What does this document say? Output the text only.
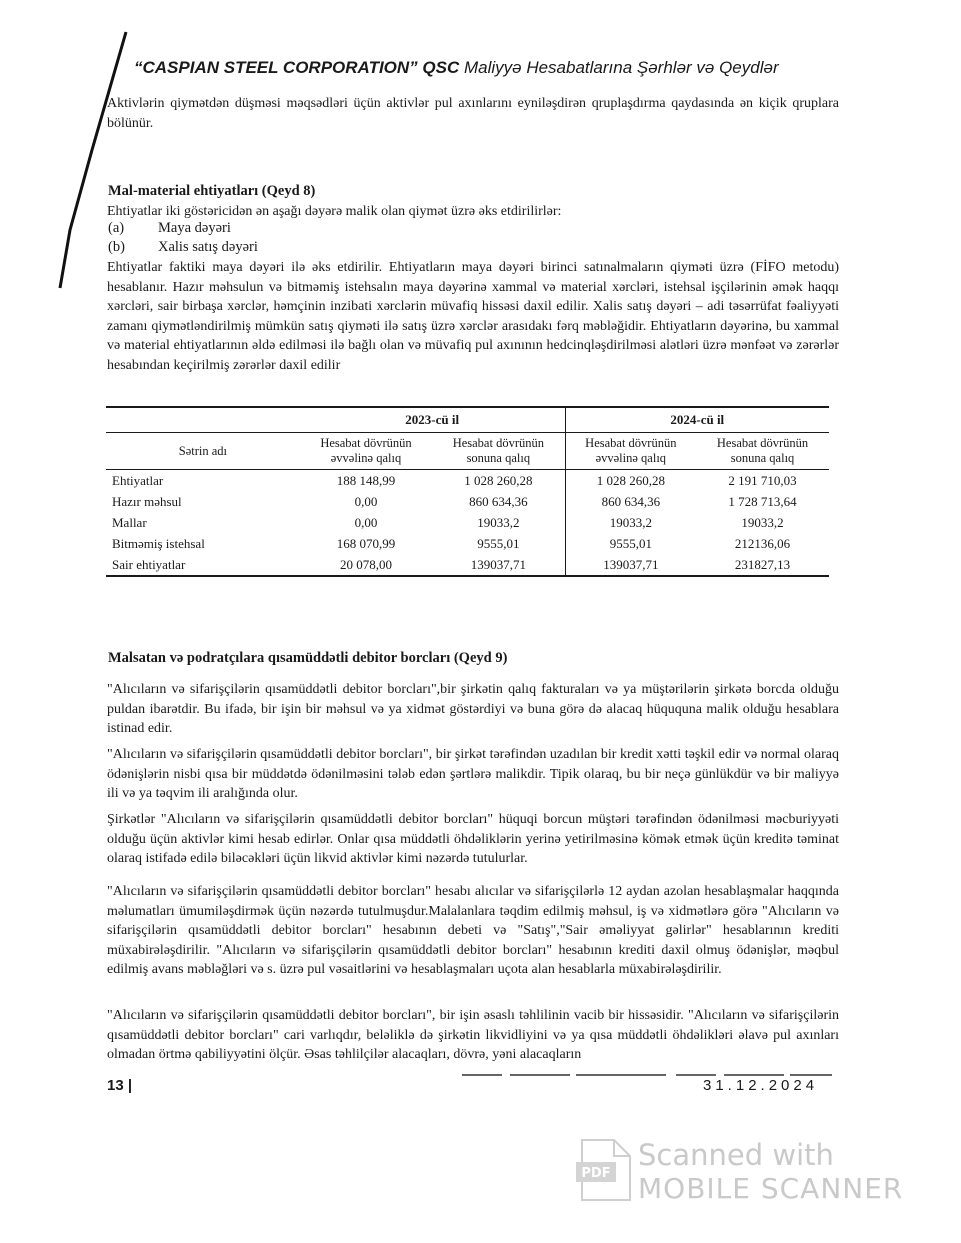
“CASPIAN STEEL CORPORATION” QSC Maliyyə Hesabatlarına Şərhlər və Qeydlər

Aktivlərin qiymətdən düşməsi məqsədləri üçün aktivlər pul axınlarını eyniləşdirən qruplaşdırma qaydasında ən kiçik qruplara bölünür.

Mal-material ehtiyatları (Qeyd 8)

Ehtiyatlar iki göstəricidən ən aşağı dəyərə malik olan qiymət üzrə əks etdirilirlər:

(a) Maya dəyəri
(b) Xalis satış dəyəri

Ehtiyatlar faktiki maya dəyəri ilə əks etdirilir. Ehtiyatların maya dəyəri birinci satınalmaların qiyməti üzrə (FİFO metodu) hesablanır. Hazır məhsulun və bitməmiş istehsalın maya dəyərinə xammal və material xərcləri, istehsal işçilərinin əmək haqqı xərcləri, sair birbaşa xərclər, həmçinin inzibati xərclərin müvafiq hissəsi daxil edilir. Xalis satış dəyəri – adi təsərrüfat fəaliyyəti zamanı qiymətləndirilmiş mümkün satış qiyməti ilə satış üzrə xərclər arasıdakı fərq məbləğidir. Ehtiyatların dəyərinə, bu xammal və material ehtiyatlarının əldə edilməsi ilə bağlı olan və müvafiq pul axınının hedcinqləşdirilməsi alətləri üzrə mənfəət və zərərlər hesabından keçirilmiş zərərlər daxil edilir

	2023-cü il		2024-cü il	
Sətrin adı	Hesabat dövrünün əvvəlinə qalıq	Hesabat dövrünün sonuna qalıq	Hesabat dövrünün əvvəlinə qalıq	Hesabat dövrünün sonuna qalıq
Ehtiyatlar	188 148,99	1 028 260,28	1 028 260,28	2 191 710,03
Hazır məhsul	0,00	860 634,36	860 634,36	1 728 713,64
Mallar	0,00	19033,2	19033,2	19033,2
Bitməmiş istehsal	168 070,99	9555,01	9555,01	212136,06
Sair ehtiyatlar	20 078,00	139037,71	139037,71	231827,13

Malsatan və podratçılara qısamüddətli debitor borcları (Qeyd 9)

"Alıcıların və sifarişçilərin qısamüddətli debitor borcları",bir şirkətin qalıq fakturaları və ya müştərilərin şirkətə borcda olduğu puldan ibarətdir. Bu ifadə, bir işin bir məhsul və ya xidmət göstərdiyi və buna görə də alacaq hüququna malik olduğu hesablara istinad edir.

"Alıcıların və sifarişçilərin qısamüddətli debitor borcları", bir şirkət tərəfindən uzadılan bir kredit xətti təşkil edir və normal olaraq ödənişlərin nisbi qısa bir müddətdə ödənilməsini tələb edən şərtlərə malikdir. Tipik olaraq, bu bir neçə günlükdür və bir maliyyə ili və ya təqvim ili aralığında olur.

Şirkətlər "Alıcıların və sifarişçilərin qısamüddətli debitor borcları" hüquqi borcun müştəri tərəfindən ödənilməsi məcburiyyəti olduğu üçün aktivlər kimi hesab edirlər. Onlar qısa müddətli öhdəliklərin yerinə yetirilməsinə kömək etmək üçün kreditə təminat olaraq istifadə edilə biləcəkləri üçün likvid aktivlər kimi nəzərdə tutulurlar.

"Alıcıların və sifarişçilərin qısamüddətli debitor borcları" hesabı alıcılar və sifarişçilərlə 12 aydan azolan hesablaşmalar haqqında məlumatları ümumiləşdirmək üçün nəzərdə tutulmuşdur.Malalanlara təqdim edilmiş məhsul, iş və xidmətlərə görə "Alıcıların və sifarişçilərin qısamüddətli debitor borcları" hesabının debeti və "Satış","Sair əməliyyat gəlirlər" hesablarının krediti müxabirələşdirilir. "Alıcıların və sifarişçilərin qısamüddətli debitor borcları" hesabının krediti daxil olmuş ödənişlər, məqbul edilmiş avans məbləğləri və s. üzrə pul vəsaitlərini və hesablaşmaları uçota alan hesablarla müxabirələşdirilir.

"Alıcıların və sifarişçilərin qısamüddətli debitor borcları", bir işin əsaslı təhlilinin vacib bir hissəsidir. "Alıcıların və sifarişçilərin qısamüddətli debitor borcları" cari varlıqdır, beləliklə də şirkətin likvidliyini və ya qısa müddətli öhdəlikləri əlavə pul axınları olmadan örtmə qabiliyyətini ölçür. Əsas təhlilçilər alacaqları, dövrə, yəni alacaqların

13 |	31.12.2024
PDF
Scanned with
MOBILE SCANNER
